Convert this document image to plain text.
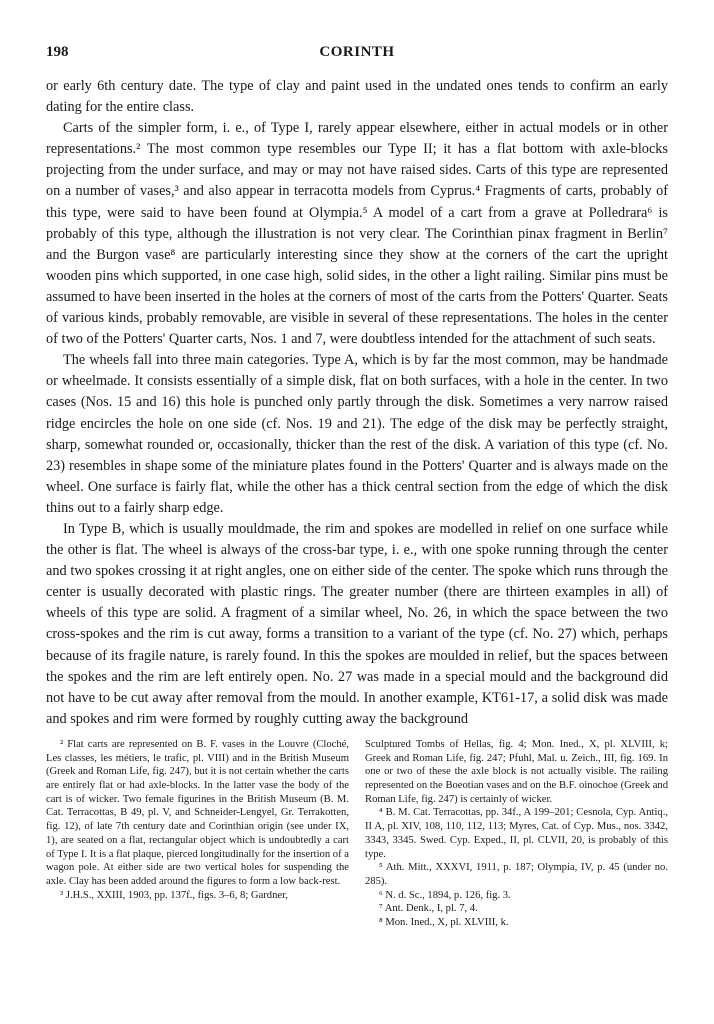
198	CORINTH

or early 6th century date. The type of clay and paint used in the undated ones tends to confirm an early dating for the entire class.

Carts of the simpler form, i. e., of Type I, rarely appear elsewhere, either in actual models or in other representations.² The most common type resembles our Type II; it has a flat bottom with axle-blocks projecting from the under surface, and may or may not have raised sides. Carts of this type are represented on a number of vases,³ and also appear in terracotta models from Cyprus.⁴ Fragments of carts, probably of this type, were said to have been found at Olympia.⁵ A model of a cart from a grave at Polledrara⁶ is probably of this type, although the illustration is not very clear. The Corinthian pinax fragment in Berlin⁷ and the Burgon vase⁸ are particularly interesting since they show at the corners of the cart the upright wooden pins which supported, in one case high, solid sides, in the other a light railing. Similar pins must be assumed to have been inserted in the holes at the corners of most of the carts from the Potters' Quarter. Seats of various kinds, probably removable, are visible in several of these representations. The holes in the center of two of the Potters' Quarter carts, Nos. 1 and 7, were doubtless intended for the attachment of such seats.

The wheels fall into three main categories. Type A, which is by far the most common, may be handmade or wheelmade. It consists essentially of a simple disk, flat on both surfaces, with a hole in the center. In two cases (Nos. 15 and 16) this hole is punched only partly through the disk. Sometimes a very narrow raised ridge encircles the hole on one side (cf. Nos. 19 and 21). The edge of the disk may be perfectly straight, sharp, somewhat rounded or, occasionally, thicker than the rest of the disk. A variation of this type (cf. No. 23) resembles in shape some of the miniature plates found in the Potters' Quarter and is always made on the wheel. One surface is fairly flat, while the other has a thick central section from the edge of which the disk thins out to a fairly sharp edge.

In Type B, which is usually mouldmade, the rim and spokes are modelled in relief on one surface while the other is flat. The wheel is always of the cross-bar type, i. e., with one spoke running through the center and two spokes crossing it at right angles, one on either side of the center. The spoke which runs through the center is usually decorated with plastic rings. The greater number (there are thirteen examples in all) of wheels of this type are solid. A fragment of a similar wheel, No. 26, in which the space between the two cross-spokes and the rim is cut away, forms a transition to a variant of the type (cf. No. 27) which, perhaps because of its fragile nature, is rarely found. In this the spokes are moulded in relief, but the spaces between the spokes and the rim are left entirely open. No. 27 was made in a special mould and the background did not have to be cut away after removal from the mould. In another example, KT61-17, a solid disk was made and spokes and rim were formed by roughly cutting away the background

² Flat carts are represented on B. F. vases in the Louvre (Cloché, Les classes, les métiers, le trafic, pl. VIII) and in the British Museum (Greek and Roman Life, fig. 247), but it is not certain whether the carts are entirely flat or had axle-blocks. In the latter vase the body of the cart is of wicker. Two female figurines in the British Museum (B. M. Cat. Terracottas, B 49, pl. V, and Schneider-Lengyel, Gr. Terrakotten, fig. 12), of late 7th century date and Corinthian origin (see under IX, 1), are seated on a flat, rectangular object which is undoubtedly a cart of Type I. It is a flat plaque, pierced longitudinally for the insertion of a wagon pole. At either side are two vertical holes for suspending the axle. Clay has been added around the figures to form a low back-rest.

³ J.H.S., XXIII, 1903, pp. 137f., figs. 3–6, 8; Gardner,

Sculptured Tombs of Hellas, fig. 4; Mon. Ined., X, pl. XLVIII, k; Greek and Roman Life, fig. 247; Pfuhl, Mal. u. Zeich., III, fig. 169. In one or two of these the axle block is not actually visible. The railing represented on the Boeotian vases and on the B.F. oinochoe (Greek and Roman Life, fig. 247) is certainly of wicker.

⁴ B. M. Cat. Terracottas, pp. 34f., A 199–201; Cesnola, Cyp. Antiq., II A, pl. XIV, 108, 110, 112, 113; Myres, Cat. of Cyp. Mus., nos. 3342, 3343, 3345. Swed. Cyp. Exped., II, pl. CLVII, 20, is probably of this type.

⁵ Ath. Mitt., XXXVI, 1911, p. 187; Olympia, IV, p. 45 (under no. 285).

⁶ N. d. Sc., 1894, p. 126, fig. 3.

⁷ Ant. Denk., I, pl. 7, 4.

⁸ Mon. Ined., X, pl. XLVIII, k.
